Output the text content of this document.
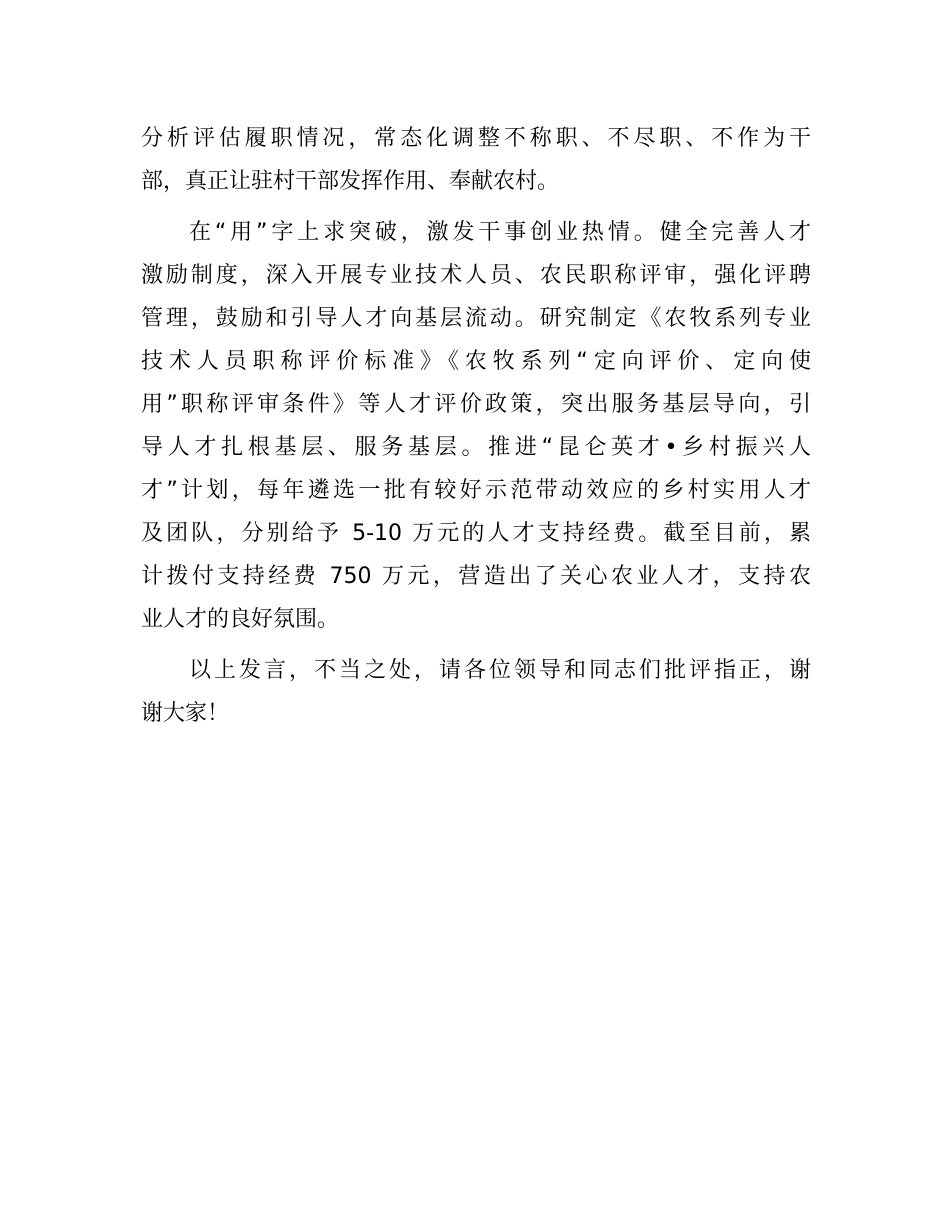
分析评估履职情况，常态化调整不称职、不尽职、不作为干
部，真正让驻村干部发挥作用、奉献农村。
在“用”字上求突破，激发干事创业热情。健全完善人才
激励制度，深入开展专业技术人员、农民职称评审，强化评聘
管理，鼓励和引导人才向基层流动。研究制定《农牧系列专业
技术人员职称评价标准》《农牧系列“定向评价、定向使
用”职称评审条件》等人才评价政策，突出服务基层导向，引
导人才扎根基层、服务基层。推进“昆仑英才•乡村振兴人
才”计划，每年遴选一批有较好示范带动效应的乡村实用人才
及团队，分别给予 5-10 万元的人才支持经费。截至目前，累
计拨付支持经费 750 万元，营造出了关心农业人才，支持农
业人才的良好氛围。
以上发言，不当之处，请各位领导和同志们批评指正，谢
谢大家！
